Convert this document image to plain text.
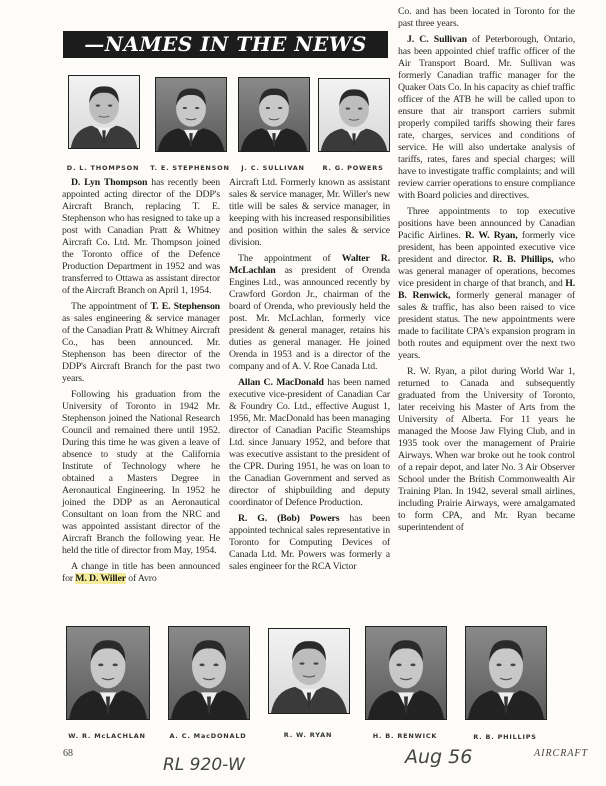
—NAMES IN THE NEWS
D. L. THOMPSON	T. E. STEPHENSON	J. C. SULLIVAN	R. G. POWERS

D. Lyn Thompson has recently been appointed acting director of the DDP's Aircraft Branch, replacing T. E. Stephenson who has resigned to take up a post with Canadian Pratt & Whitney Aircraft Co. Ltd. Mr. Thompson joined the Toronto office of the Defence Production Department in 1952 and was transferred to Ottawa as assistant director of the Aircraft Branch on April 1, 1954.

The appointment of T. E. Stephenson as sales engineering & service manager of the Canadian Pratt & Whitney Aircraft Co., has been announced. Mr. Stephenson has been director of the DDP's Aircraft Branch for the past two years.

Following his graduation from the University of Toronto in 1942 Mr. Stephenson joined the National Research Council and remained there until 1952. During this time he was given a leave of absence to study at the California Institute of Technology where he obtained a Masters Degree in Aeronautical Engineering. In 1952 he joined the DDP as an Aeronautical Consultant on loan from the NRC and was appointed assistant director of the Aircraft Branch the following year. He held the title of director from May, 1954.

A change in title has been announced for M. D. Willer of Avro

Aircraft Ltd. Formerly known as assistant sales & service manager, Mr. Willer's new title will be sales & service manager, in keeping with his increased responsibilities and position within the sales & service division.

The appointment of Walter R. McLachlan as president of Orenda Engines Ltd., was announced recently by Crawford Gordon Jr., chairman of the board of Orenda, who previously held the post. Mr. McLachlan, formerly vice president & general manager, retains his duties as general manager. He joined Orenda in 1953 and is a director of the company and of A. V. Roe Canada Ltd.

Allan C. MacDonald has been named executive vice-president of Canadian Car & Foundry Co. Ltd., effective August 1, 1956, Mr. MacDonald has been managing director of Canadian Pacific Steamships Ltd. since January 1952, and before that was executive assistant to the president of the CPR. During 1951, he was on loan to the Canadian Government and served as director of shipbuilding and deputy coordinator of Defence Production.

R. G. (Bob) Powers has been appointed technical sales representative in Toronto for Computing Devices of Canada Ltd. Mr. Powers was formerly a sales engineer for the RCA Victor

Co. and has been located in Toronto for the past three years.

J. C. Sullivan of Peterborough, Ontario, has been appointed chief traffic officer of the Air Transport Board. Mr. Sullivan was formerly Canadian traffic manager for the Quaker Oats Co. In his capacity as chief traffic officer of the ATB he will be called upon to ensure that air transport carriers submit properly compiled tariffs showing their fares rate, charges, services and conditions of service. He will also undertake analysis of tariffs, rates, fares and special charges; will have to investigate traffic complaints; and will review carrier operations to ensure compliance with Board policies and directives.

Three appointments to top executive positions have been announced by Canadian Pacific Airlines. R. W. Ryan, formerly vice president, has been appointed executive vice president and director. R. B. Phillips, who was general manager of operations, becomes vice president in charge of that branch, and H. B. Renwick, formerly general manager of sales & traffic, has also been raised to vice president status. The new appointments were made to facilitate CPA's expansion program in both routes and equipment over the next two years.

R. W. Ryan, a pilot during World War 1, returned to Canada and subsequently graduated from the University of Toronto, later receiving his Master of Arts from the University of Alberta. For 11 years he managed the Moose Jaw Flying Club, and in 1935 took over the management of Prairie Airways. When war broke out he took control of a repair depot, and later No. 3 Air Observer School under the British Commonwealth Air Training Plan. In 1942, several small airlines, including Prairie Airways, were amalgamated to form CPA, and Mr. Ryan became superintendent of

W. R. McLACHLAN	A. C. MacDONALD	R. W. RYAN	H. B. RENWICK	R. B. PHILLIPS
68	AIRCRAFT
RL 920-W	Aug 56
